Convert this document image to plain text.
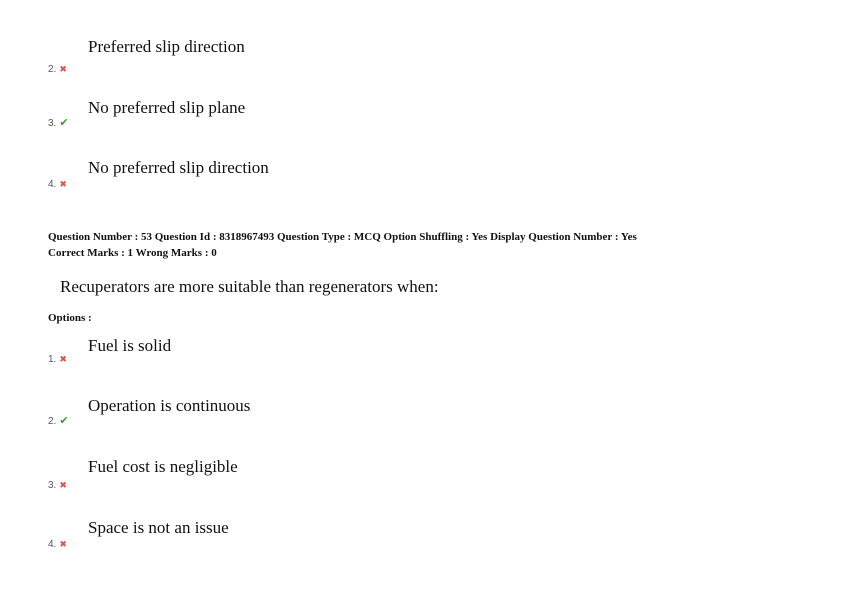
Preferred slip direction
2. ✖
No preferred slip plane
3. ✔
No preferred slip direction
4. ✖
Question Number : 53 Question Id : 8318967493 Question Type : MCQ Option Shuffling : Yes Display Question Number : Yes
Correct Marks : 1 Wrong Marks : 0
Recuperators are more suitable than regenerators when:
Options :
Fuel is solid
1. ✖
Operation is continuous
2. ✔
Fuel cost is negligible
3. ✖
Space is not an issue
4. ✖
